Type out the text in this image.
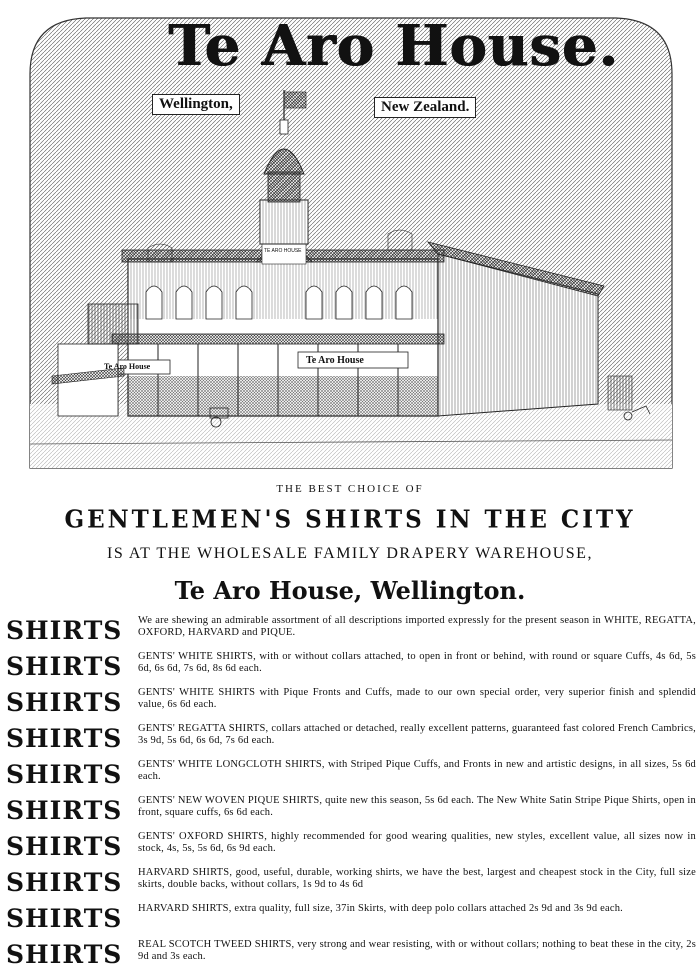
Te Aro House.
Wellington,	New Zealand.
Te Aro House
Te Aro House
TE ARO HOUSE
THE BEST CHOICE OF
GENTLEMEN'S SHIRTS IN THE CITY
IS AT THE WHOLESALE FAMILY DRAPERY WAREHOUSE,
Te Aro House, Wellington.
SHIRTS We are shewing an admirable assortment of all descriptions imported expressly for the present season in WHITE, REGATTA, OXFORD, HARVARD and PIQUE.
SHIRTS GENTS' WHITE SHIRTS, with or without collars attached, to open in front or behind, with round or square Cuffs, 4s 6d, 5s 6d, 6s 6d, 7s 6d, 8s 6d each.
SHIRTS GENTS' WHITE SHIRTS with Pique Fronts and Cuffs, made to our own special order, very superior finish and splendid value, 6s 6d each.
SHIRTS GENTS' REGATTA SHIRTS, collars attached or detached, really excellent patterns, guaranteed fast colored French Cambrics, 3s 9d, 5s 6d, 6s 6d, 7s 6d each.
SHIRTS GENTS' WHITE LONGCLOTH SHIRTS, with Striped Pique Cuffs, and Fronts in new and artistic designs, in all sizes, 5s 6d each.
SHIRTS GENTS' NEW WOVEN PIQUE SHIRTS, quite new this season, 5s 6d each. The New White Satin Stripe Pique Shirts, open in front, square cuffs, 6s 6d each.
SHIRTS GENTS' OXFORD SHIRTS, highly recommended for good wearing qualities, new styles, excellent value, all sizes now in stock, 4s, 5s, 5s 6d, 6s 9d each.
SHIRTS HARVARD SHIRTS, good, useful, durable, working shirts, we have the best, largest and cheapest stock in the City, full size skirts, double backs, without collars, 1s 9d to 4s 6d
SHIRTS HARVARD SHIRTS, extra quality, full size, 37in Skirts, with deep polo collars attached 2s 9d and 3s 9d each.
SHIRTS REAL SCOTCH TWEED SHIRTS, very strong and wear resisting, with or without collars; nothing to beat these in the city, 2s 9d and 3s each.
